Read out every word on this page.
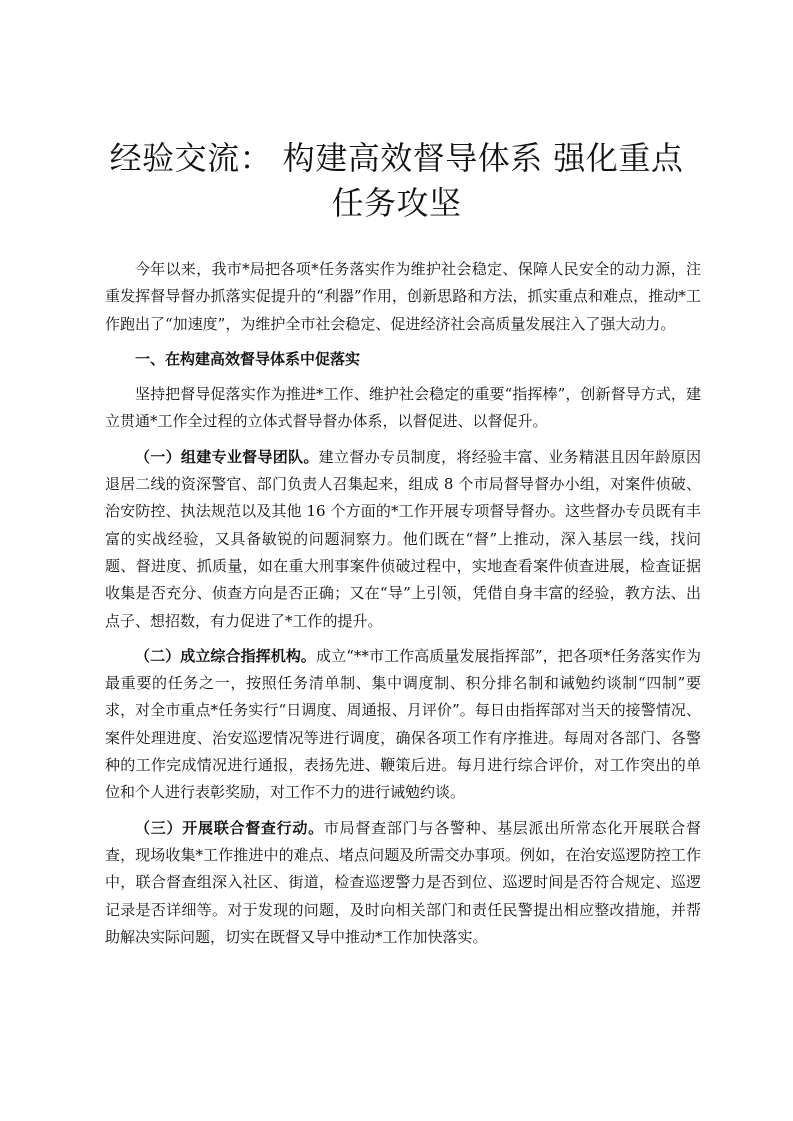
经验交流： 构建高效督导体系 强化重点任务攻坚

今年以来，我市*局把各项*任务落实作为维护社会稳定、保障人民安全的动力源，注重发挥督导督办抓落实促提升的“利器”作用，创新思路和方法，抓实重点和难点，推动*工作跑出了“加速度”，为维护全市社会稳定、促进经济社会高质量发展注入了强大动力。

一、在构建高效督导体系中促落实

坚持把督导促落实作为推进*工作、维护社会稳定的重要“指挥棒”，创新督导方式，建立贯通*工作全过程的立体式督导督办体系，以督促进、以督促升。

（一）组建专业督导团队。建立督办专员制度，将经验丰富、业务精湛且因年龄原因退居二线的资深警官、部门负责人召集起来，组成 8 个市局督导督办小组，对案件侦破、治安防控、执法规范以及其他 16 个方面的*工作开展专项督导督办。这些督办专员既有丰富的实战经验，又具备敏锐的问题洞察力。他们既在“督”上推动，深入基层一线，找问题、督进度、抓质量，如在重大刑事案件侦破过程中，实地查看案件侦查进展，检查证据收集是否充分、侦查方向是否正确；又在“导”上引领，凭借自身丰富的经验，教方法、出点子、想招数，有力促进了*工作的提升。

（二）成立综合指挥机构。成立“**市工作高质量发展指挥部”，把各项*任务落实作为最重要的任务之一，按照任务清单制、集中调度制、积分排名制和诫勉约谈制“四制”要求，对全市重点*任务实行“日调度、周通报、月评价”。每日由指挥部对当天的接警情况、案件处理进度、治安巡逻情况等进行调度，确保各项工作有序推进。每周对各部门、各警种的工作完成情况进行通报，表扬先进、鞭策后进。每月进行综合评价，对工作突出的单位和个人进行表彰奖励，对工作不力的进行诫勉约谈。

（三）开展联合督查行动。市局督查部门与各警种、基层派出所常态化开展联合督查，现场收集*工作推进中的难点、堵点问题及所需交办事项。例如，在治安巡逻防控工作中，联合督查组深入社区、街道，检查巡逻警力是否到位、巡逻时间是否符合规定、巡逻记录是否详细等。对于发现的问题，及时向相关部门和责任民警提出相应整改措施，并帮助解决实际问题，切实在既督又导中推动*工作加快落实。
